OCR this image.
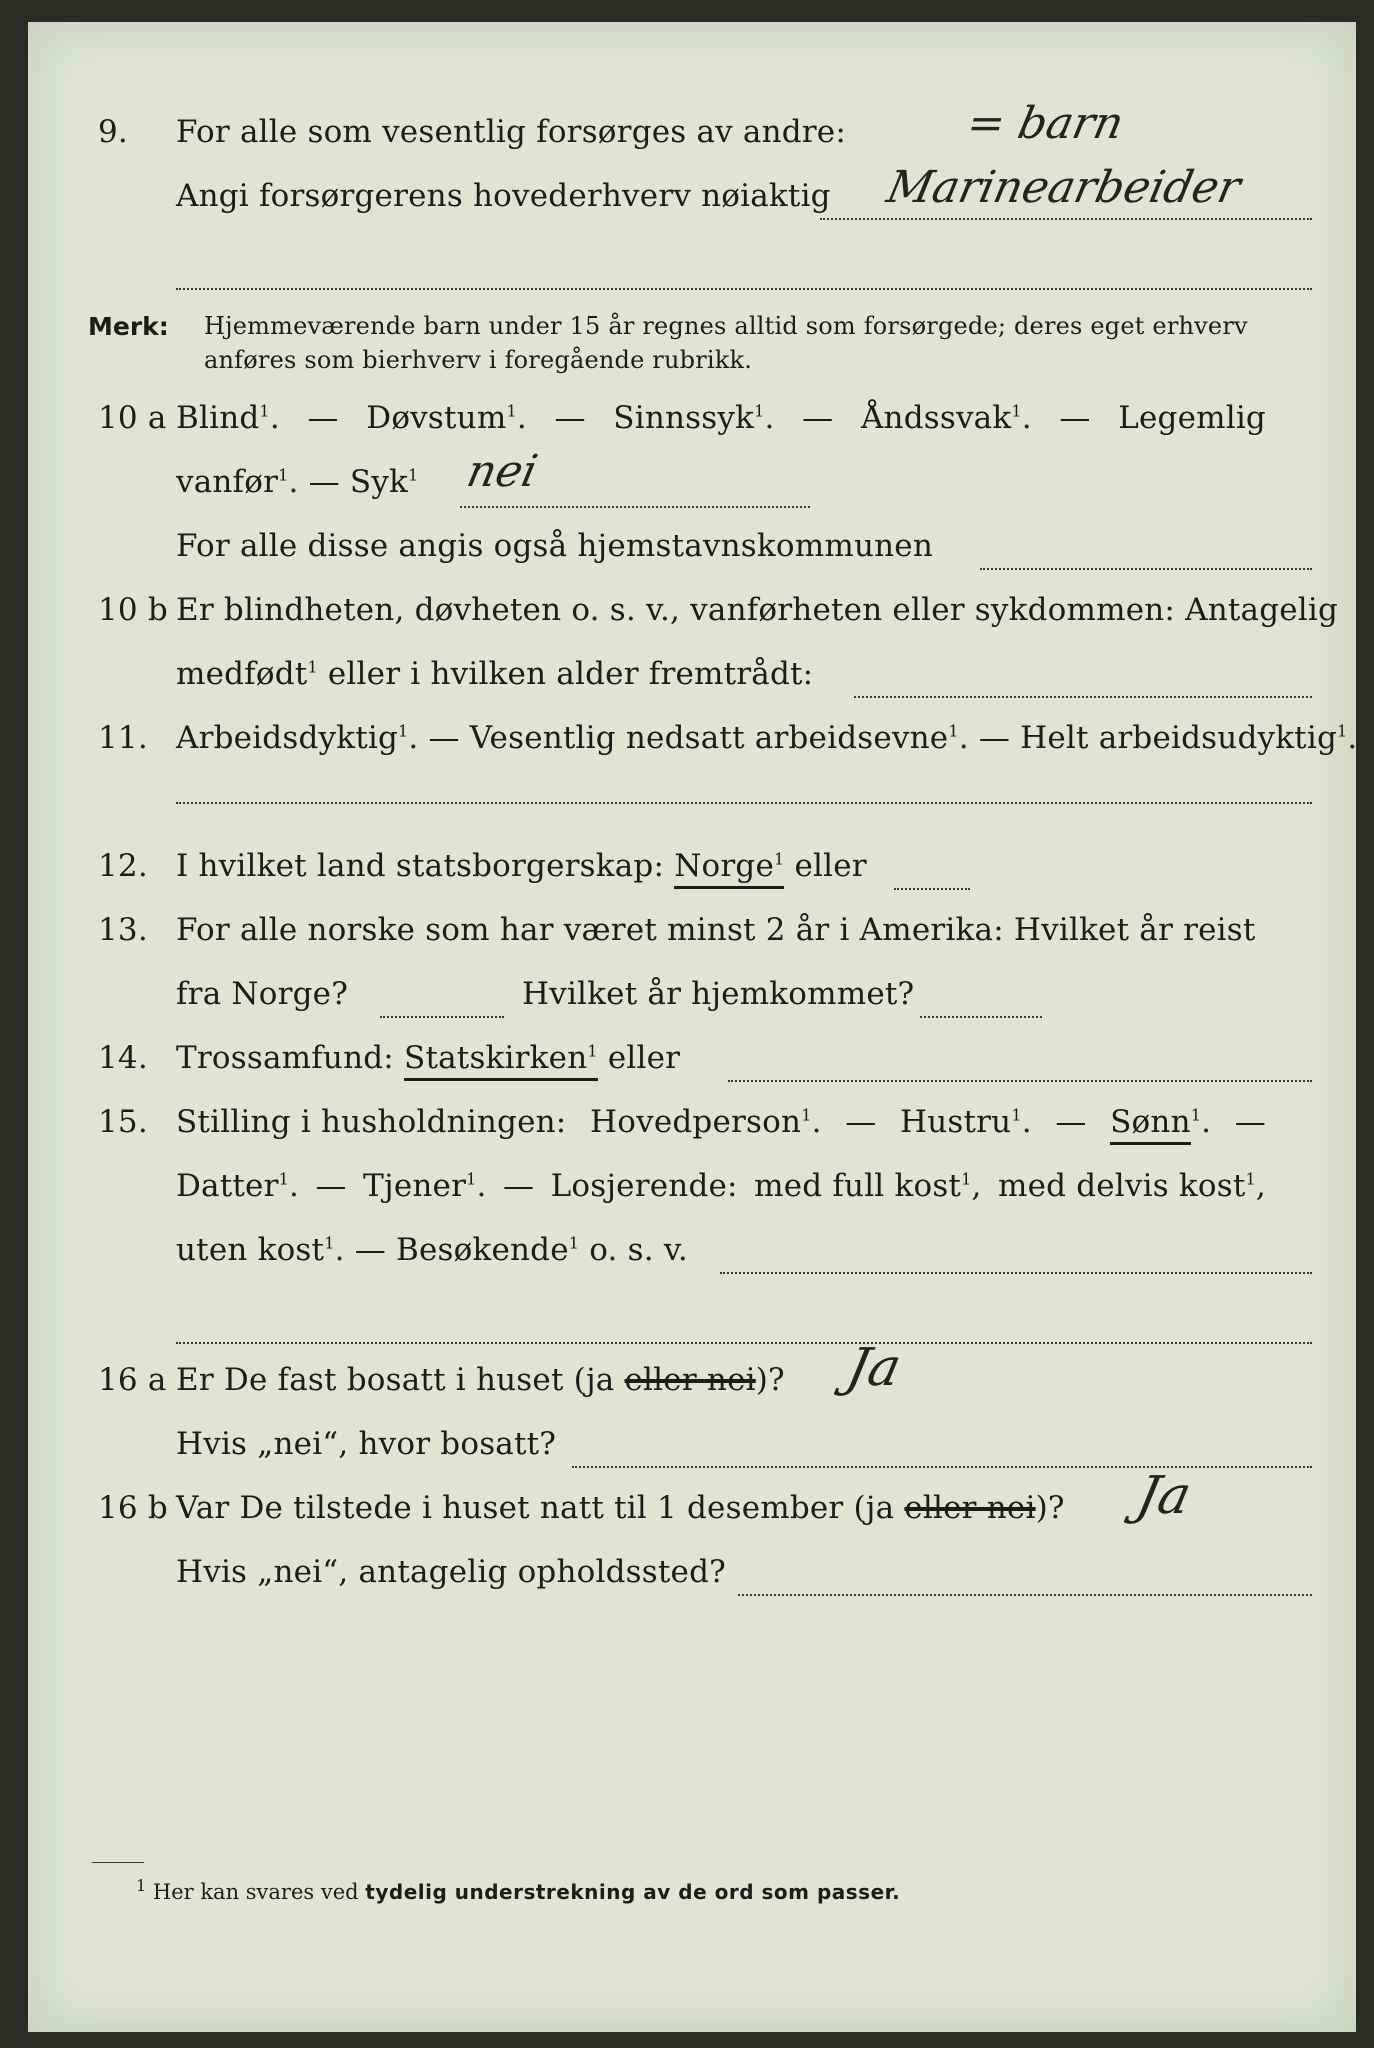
9. For alle som vesentlig forsørges av andre:	= barn
Angi forsørgerens hovederhverv nøiaktig Marinearbeider
Merk: Hjemmeværende barn under 15 år regnes alltid som forsørgede; deres eget erhverv
anføres som bierhverv i foregående rubrikk.
10 a Blind$^1$. — Døvstum$^1$. — Sinnssyk$^1$. — Åndssvak$^1$. — Legemlig
vanfør$^1$. — Syk$^1$ nei
For alle disse angis også hjemstavnskommunen
10 b Er blindheten, døvheten o. s. v., vanførheten eller sykdommen: Antagelig
medfødt$^1$ eller i hvilken alder fremtrådt:
11. Arbeidsdyktig$^1$. — Vesentlig nedsatt arbeidsevne$^1$. — Helt arbeidsudyktig$^1$.
12. I hvilket land statsborgerskap: Norge$^1$ eller
13. For alle norske som har været minst 2 år i Amerika: Hvilket år reist
fra Norge?	Hvilket år hjemkommet?
14. Trossamfund: Statskirken$^1$ eller
15. Stilling i husholdningen: Hovedperson$^1$. — Hustru$^1$. — Sønn$^1$. —
Datter$^1$. — Tjener$^1$. — Losjerende: med full kost$^1$, med delvis kost$^1$,
uten kost$^1$. — Besøkende$^1$ o. s. v.
16 a Er De fast bosatt i huset (ja eller nei)? Ja
Hvis „nei“, hvor bosatt?
16 b Var De tilstede i huset natt til 1 desember (ja eller nei)? Ja
Hvis „nei“, antagelig opholdssted?
$^1$ Her kan svares ved tydelig understrekning av de ord som passer.
